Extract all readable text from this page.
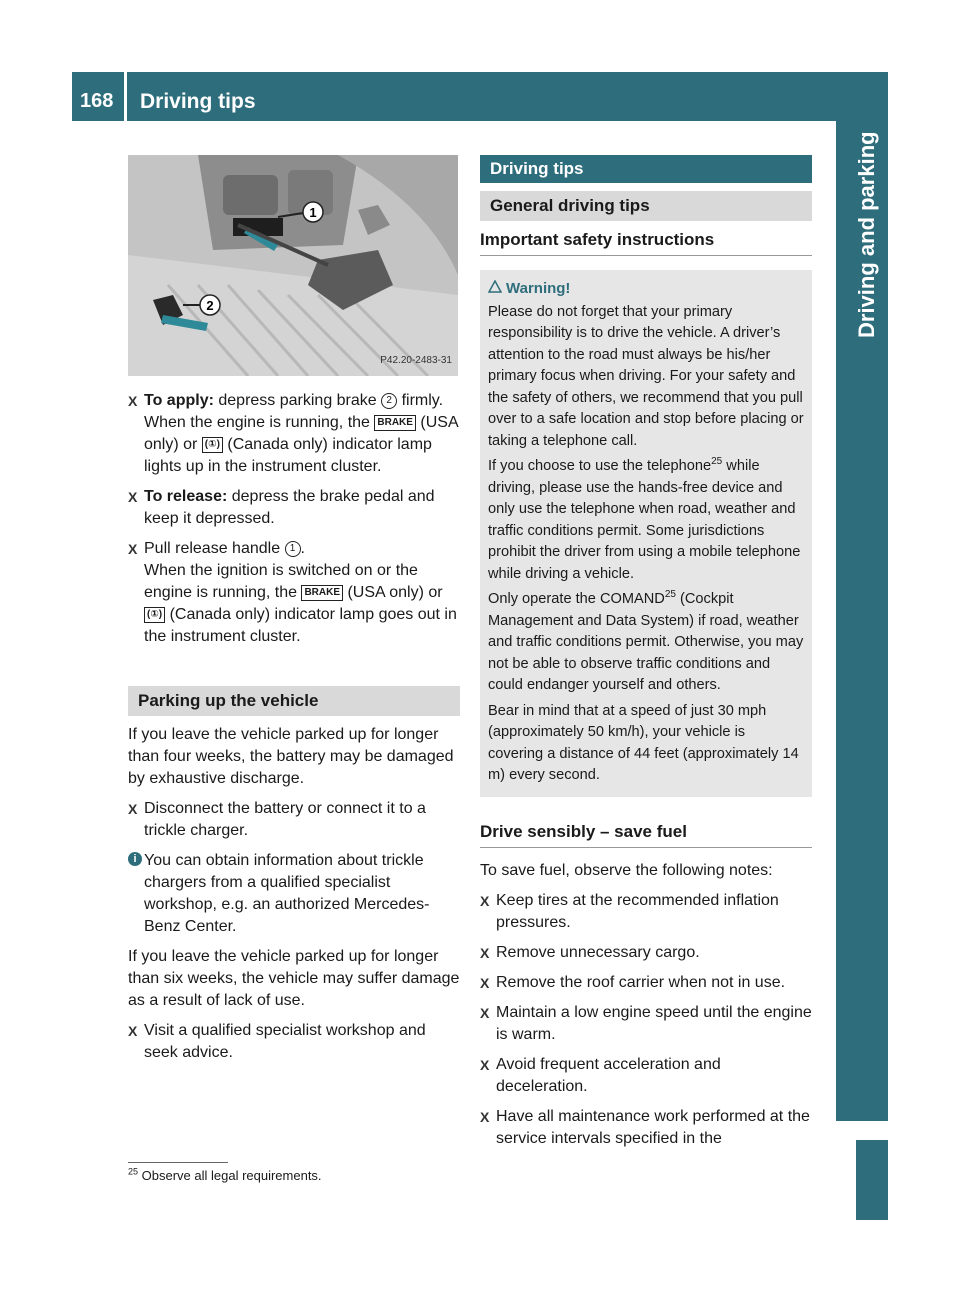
168 Driving tips
Driving and parking
1
2
P42.20-2483-31
X To apply: depress parking brake 2 firmly. When the engine is running, the BRAKE (USA only) or (①) (Canada only) indicator lamp lights up in the instrument cluster.
X To release: depress the brake pedal and keep it depressed.
X Pull release handle 1 .
When the ignition is switched on or the engine is running, the BRAKE (USA only) or (①) (Canada only) indicator lamp goes out in the instrument cluster.
Parking up the vehicle
If you leave the vehicle parked up for longer than four weeks, the battery may be damaged by exhaustive discharge.
X Disconnect the battery or connect it to a trickle charger.
i You can obtain information about trickle chargers from a qualified specialist workshop, e.g. an authorized Mercedes-Benz Center.
If you leave the vehicle parked up for longer than six weeks, the vehicle may suffer damage as a result of lack of use.
X Visit a qualified specialist workshop and seek advice.
Driving tips
General driving tips
Important safety instructions
Warning!
Please do not forget that your primary responsibility is to drive the vehicle. A driver’s attention to the road must always be his/her primary focus when driving. For your safety and the safety of others, we recommend that you pull over to a safe location and stop before placing or taking a telephone call.
If you choose to use the telephone$^{25}$ while driving, please use the hands-free device and only use the telephone when road, weather and traffic conditions permit. Some jurisdictions prohibit the driver from using a mobile telephone while driving a vehicle.
Only operate the COMAND$^{25}$ (Cockpit Management and Data System) if road, weather and traffic conditions permit. Otherwise, you may not be able to observe traffic conditions and could endanger yourself and others.
Bear in mind that at a speed of just 30 mph (approximately 50 km/h), your vehicle is covering a distance of 44 feet (approximately 14 m) every second.
Drive sensibly – save fuel
To save fuel, observe the following notes:
X Keep tires at the recommended inflation pressures.
X Remove unnecessary cargo.
X Remove the roof carrier when not in use.
X Maintain a low engine speed until the engine is warm.
X Avoid frequent acceleration and deceleration.
X Have all maintenance work performed at the service intervals specified in the
$^{25}$ Observe all legal requirements.
